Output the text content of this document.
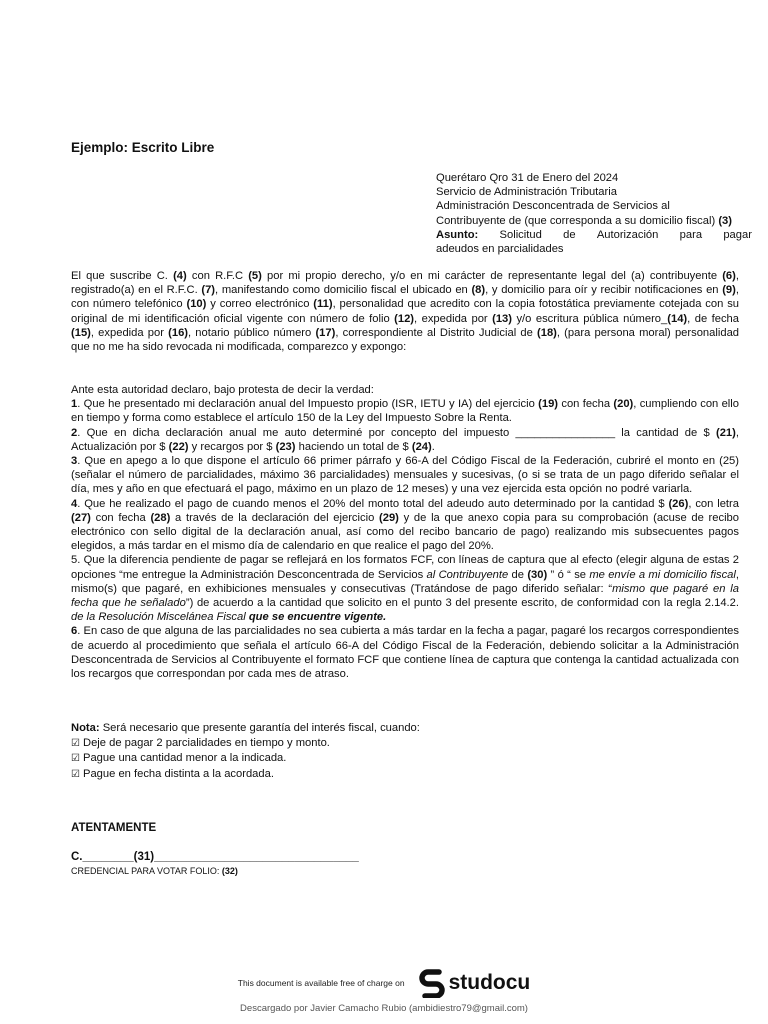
Ejemplo: Escrito Libre
Querétaro Qro 31 de Enero del 2024
Servicio de Administración Tributaria
Administración Desconcentrada de Servicios al
Contribuyente de (que corresponda a su domicilio fiscal) (3)
Asunto: Solicitud de Autorización para pagar
adeudos en parcialidades
El que suscribe C. (4) con R.F.C (5) por mi propio derecho, y/o en mi carácter de representante legal del (a) contribuyente (6), registrado(a) en el R.F.C. (7), manifestando como domicilio fiscal el ubicado en (8), y domicilio para oír y recibir notificaciones en (9), con número telefónico (10) y correo electrónico (11), personalidad que acredito con la copia fotostática previamente cotejada con su original de mi identificación oficial vigente con número de folio (12), expedida por (13) y/o escritura pública número_(14), de fecha (15), expedida por (16), notario público número (17), correspondiente al Distrito Judicial de (18), (para persona moral) personalidad que no me ha sido revocada ni modificada, comparezco y expongo:

Ante esta autoridad declaro, bajo protesta de decir la verdad:

1. Que he presentado mi declaración anual del Impuesto propio (ISR, IETU y IA) del ejercicio (19) con fecha (20), cumpliendo con ello en tiempo y forma como establece el artículo 150 de la Ley del Impuesto Sobre la Renta.

2. Que en dicha declaración anual me auto determiné por concepto del impuesto ________________ la cantidad de $ (21), Actualización por $ (22) y recargos por $ (23) haciendo un total de $ (24).

3. Que en apego a lo que dispone el artículo 66 primer párrafo y 66-A del Código Fiscal de la Federación, cubriré el monto en (25) (señalar el número de parcialidades, máximo 36 parcialidades) mensuales y sucesivas, (o si se trata de un pago diferido señalar el día, mes y año en que efectuará el pago, máximo en un plazo de 12 meses) y una vez ejercida esta opción no podré variarla.

4. Que he realizado el pago de cuando menos el 20% del monto total del adeudo auto determinado por la cantidad $ (26), con letra (27) con fecha (28) a través de la declaración del ejercicio (29) y de la que anexo copia para su comprobación (acuse de recibo electrónico con sello digital de la declaración anual, así como del recibo bancario de pago) realizando mis subsecuentes pagos elegidos, a más tardar en el mismo día de calendario en que realice el pago del 20%.

5. Que la diferencia pendiente de pagar se reflejará en los formatos FCF, con líneas de captura que al efecto (elegir alguna de estas 2 opciones “me entregue la Administración Desconcentrada de Servicios al Contribuyente de (30) ” ó “ se me envíe a mi domicilio fiscal, mismo(s) que pagaré, en exhibiciones mensuales y consecutivas (Tratándose de pago diferido señalar: “mismo que pagaré en la fecha que he señalado”) de acuerdo a la cantidad que solicito en el punto 3 del presente escrito, de conformidad con la regla 2.14.2. de la Resolución Miscelánea Fiscal que se encuentre vigente.

6. En caso de que alguna de las parcialidades no sea cubierta a más tardar en la fecha a pagar, pagaré los recargos correspondientes de acuerdo al procedimiento que señala el artículo 66-A del Código Fiscal de la Federación, debiendo solicitar a la Administración Desconcentrada de Servicios al Contribuyente el formato FCF que contiene línea de captura que contenga la cantidad actualizada con los recargos que correspondan por cada mes de atraso.

Nota: Será necesario que presente garantía del interés fiscal, cuando:
☑ Deje de pagar 2 parcialidades en tiempo y monto.
☑ Pague una cantidad menor a la indicada.
☑ Pague en fecha distinta a la acordada.
ATENTAMENTE
C.________(31)________________________________
CREDENCIAL PARA VOTAR FOLIO: (32)
This document is available free of charge on studocu
Descargado por Javier Camacho Rubio (ambidiestro79@gmail.com)
